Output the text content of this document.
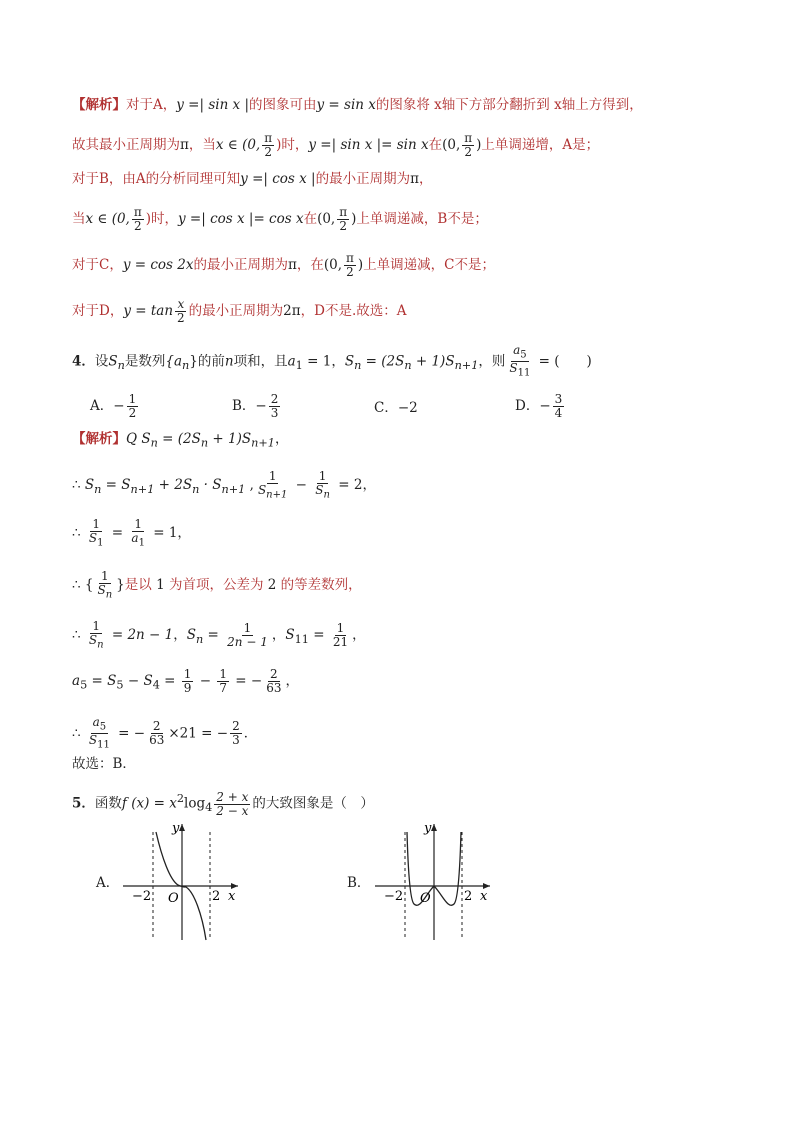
【解析】对于A，y =| sin x |的图象可由y = sin x的图象将 x轴下方部分翻折到 x轴上方得到，
故其最小正周期为π，当x ∈ (0, $\frac{\pi}{2}$ )时，y =| sin x |= sin x在(0, $\frac{\pi}{2}$ )上单调递增，A是；
对于B，由A的分析同理可知y =| cos x |的最小正周期为π，
当x ∈ (0, $\frac{\pi}{2}$ )时，y =| cos x |= cos x在(0, $\frac{\pi}{2}$ )上单调递减，B不是；
对于C，y = cos 2x的最小正周期为π，在(0, $\frac{\pi}{2}$ )上单调递减，C不是；
对于D，$y = \tan \frac{x}{2}$ 的最小正周期为2π，D不是.故选：A
4．设$S_n$是数列$\{a_n\}$的前n项和，且$a_1 = 1$，$S_n = (2S_n + 1)S_{n+1}$，则 $\frac{a_5}{S_{11}}$ = (　　)
A．− $\frac{1}{2}$	B．− $\frac{2}{3}$	C．−2	D．− $\frac{3}{4}$
【解析】Q $S_n = (2S_n + 1)S_{n+1}$，
∴ $S_n = S_{n+1} + 2S_n \cdot S_{n+1}$ , $\frac{1}{S_{n+1}} - \frac{1}{S_n} = 2$，
∴ $\frac{1}{S_1} = \frac{1}{a_1} = 1$，
∴ { $\frac{1}{S_n}$ }是以 1 为首项，公差为 2 的等差数列，
∴ $\frac{1}{S_n} = 2n - 1$，$S_n = \frac{1}{2n - 1}$ ，$S_{11} = \frac{1}{21}$ ，
$a_5 = S_5 - S_4 = \frac{1}{9} - \frac{1}{7}$ = − $\frac{2}{63}$ ，
∴ $\frac{a_5}{S_{11}}$ = − $\frac{2}{63} \times 21$ = − $\frac{2}{3}$ ．
故选：B．
5．函数f $(x) = x^2\log_4 \frac{2 + x}{2 - x}$ 的大致图象是（　）
A．
y
x
O
−2	2
B．
y
x
O
−2	2
